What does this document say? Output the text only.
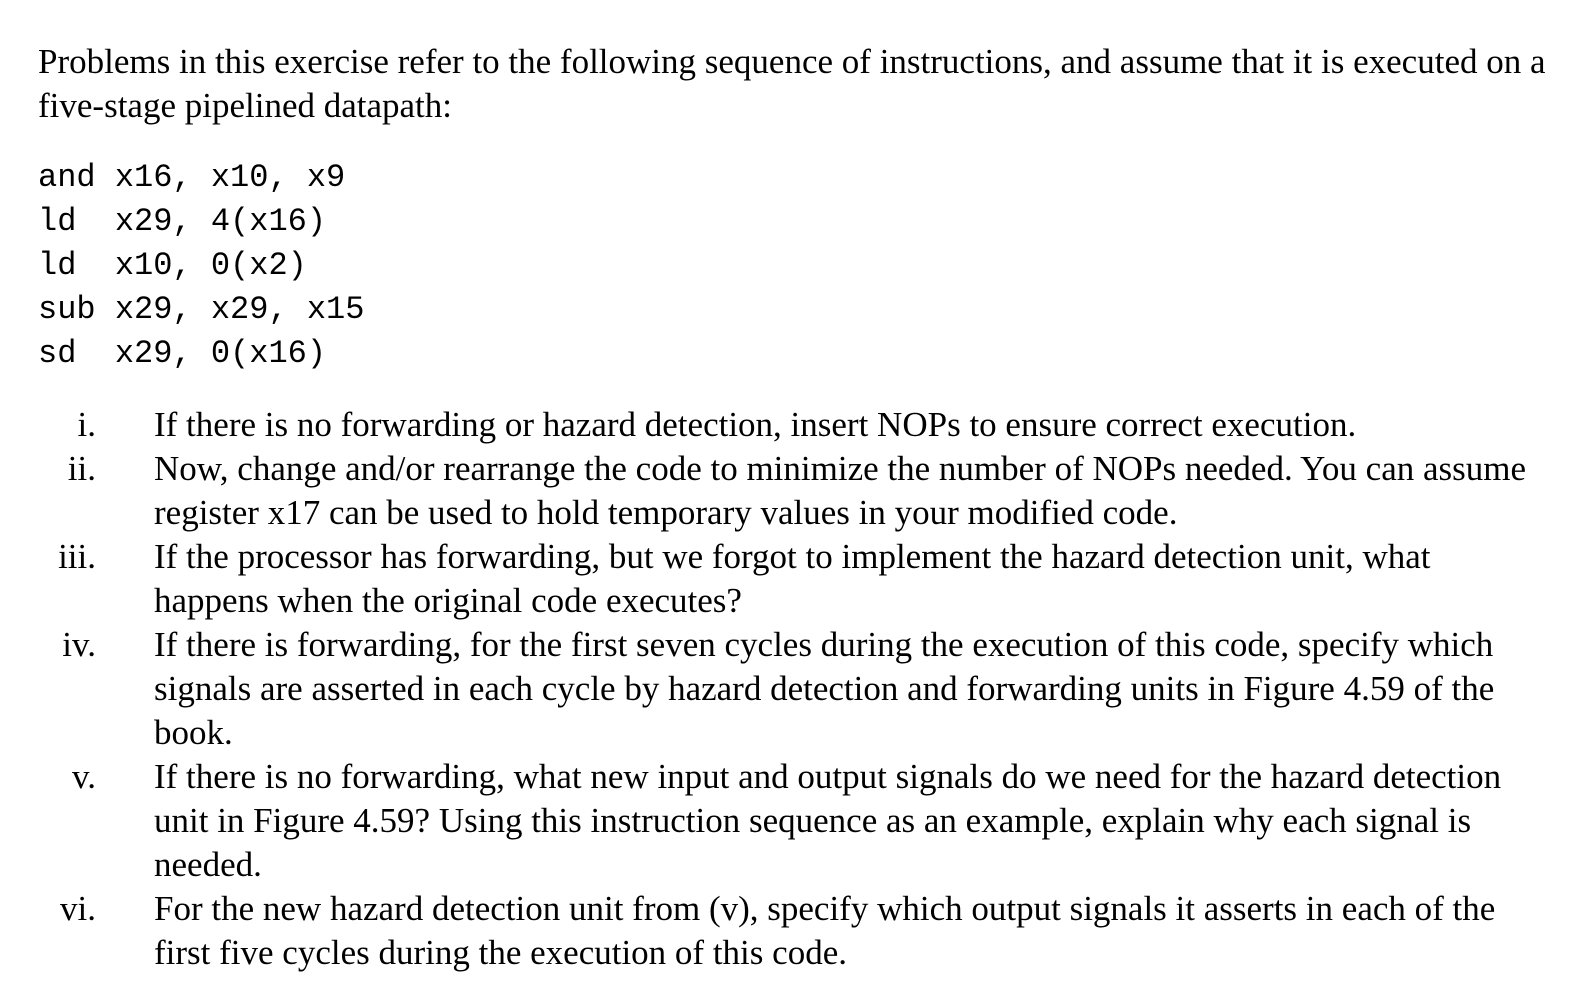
Problems in this exercise refer to the following sequence of instructions, and assume that it is executed on a five-stage pipelined datapath:

and x16, x10, x9
ld  x29, 4(x16)
ld  x10, 0(x2)
sub x29, x29, x15
sd  x29, 0(x16)
i. If there is no forwarding or hazard detection, insert NOPs to ensure correct execution.
ii. Now, change and/or rearrange the code to minimize the number of NOPs needed. You can assume register x17 can be used to hold temporary values in your modified code.
iii. If the processor has forwarding, but we forgot to implement the hazard detection unit, what happens when the original code executes?
iv. If there is forwarding, for the first seven cycles during the execution of this code, specify which signals are asserted in each cycle by hazard detection and forwarding units in Figure 4.59 of the book.
v. If there is no forwarding, what new input and output signals do we need for the hazard detection unit in Figure 4.59? Using this instruction sequence as an example, explain why each signal is needed.
vi. For the new hazard detection unit from (v), specify which output signals it asserts in each of the first five cycles during the execution of this code.
